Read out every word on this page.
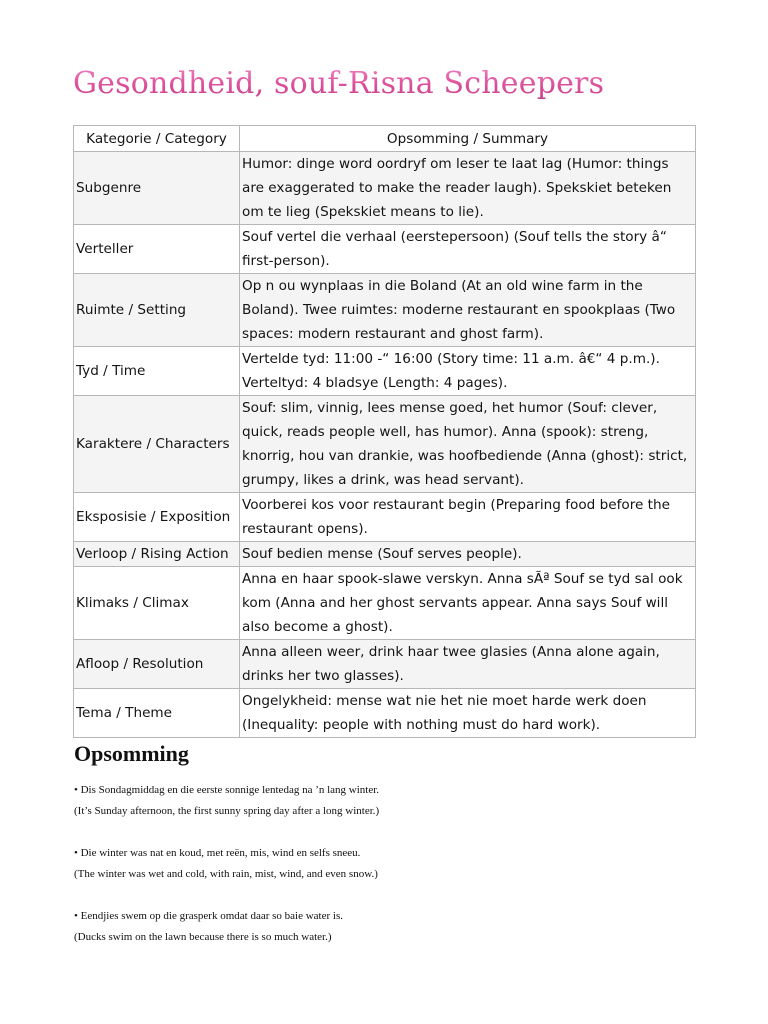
Gesondheid, souf-Risna Scheepers
Kategorie / Category	Opsomming / Summary
Subgenre	Humor: dinge word oordryf om leser te laat lag (Humor: things are exaggerated to make the reader laugh). Spekskiet beteken om te lieg (Spekskiet means to lie).
Verteller	Souf vertel die verhaal (eerstepersoon) (Souf tells the story â“ first-person).
Ruimte / Setting	Op n ou wynplaas in die Boland (At an old wine farm in the Boland). Twee ruimtes: moderne restaurant en spookplaas (Two spaces: modern restaurant and ghost farm).
Tyd / Time	Vertelde tyd: 11:00 -“ 16:00 (Story time: 11 a.m. â€“ 4 p.m.). Verteltyd: 4 bladsye (Length: 4 pages).
Karaktere / Characters	Souf: slim, vinnig, lees mense goed, het humor (Souf: clever, quick, reads people well, has humor). Anna (spook): streng, knorrig, hou van drankie, was hoofbediende (Anna (ghost): strict, grumpy, likes a drink, was head servant).
Eksposisie / Exposition	Voorberei kos voor restaurant begin (Preparing food before the restaurant opens).
Verloop / Rising Action	Souf bedien mense (Souf serves people).
Klimaks / Climax	Anna en haar spook-slawe verskyn. Anna sÃª Souf se tyd sal ook kom (Anna and her ghost servants appear. Anna says Souf will also become a ghost).
Afloop / Resolution	Anna alleen weer, drink haar twee glasies (Anna alone again, drinks her two glasses).
Tema / Theme	Ongelykheid: mense wat nie het nie moet harde werk doen (Inequality: people with nothing must do hard work).
Opsomming
• Dis Sondagmiddag en die eerste sonnige lentedag na ’n lang winter.
(It’s Sunday afternoon, the first sunny spring day after a long winter.)
• Die winter was nat en koud, met reën, mis, wind en selfs sneeu.
(The winter was wet and cold, with rain, mist, wind, and even snow.)
• Eendjies swem op die grasperk omdat daar so baie water is.
(Ducks swim on the lawn because there is so much water.)
